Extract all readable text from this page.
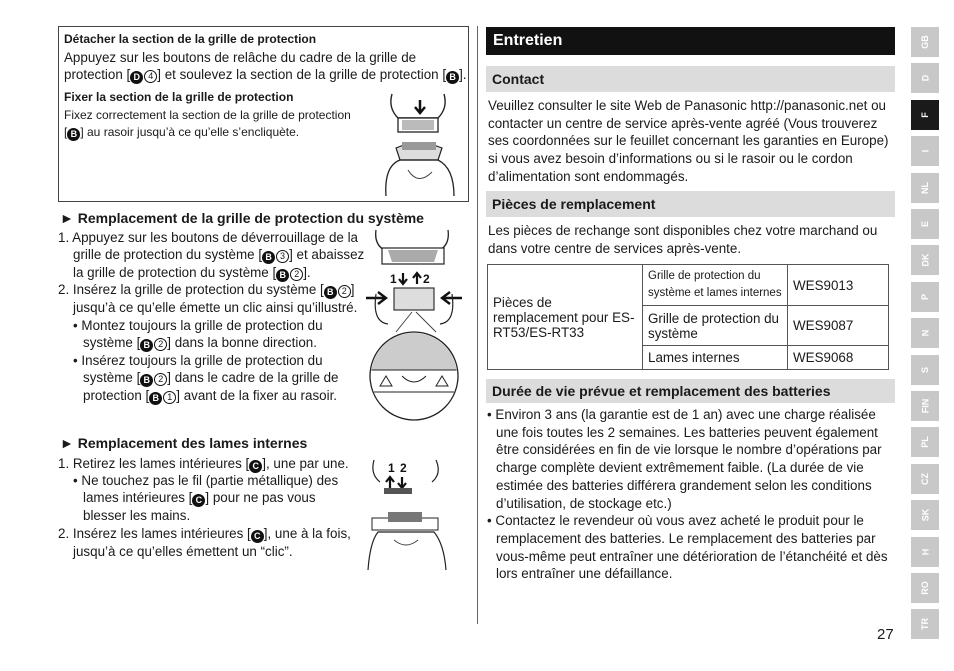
Détacher la section de la grille de protection
Appuyez sur les boutons de relâche du cadre de la grille de
protection [ D 4 ] et soulevez la section de la grille de protection [ B ].
Fixer la section de la grille de protection
Fixez correctement la section de la grille de protection
[ B ] au rasoir jusqu’à ce qu’elle s’encliquète.
► Remplacement de la grille de protection du système
1. Appuyez sur les boutons de déverrouillage de la
grille de protection du système [ B 3 ] et abaissez
la grille de protection du système [ B 2 ].
2. Insérez la grille de protection du système [ B 2 ]
jusqu’à ce qu’elle émette un clic ainsi qu’illustré.
• Montez toujours la grille de protection du
système [ B 2 ] dans la bonne direction.
• Insérez toujours la grille de protection du
système [ B 2 ] dans le cadre de la grille de
protection [ B 1 ] avant de la fixer au rasoir.
1 2
► Remplacement des lames internes
1. Retirez les lames intérieures [ C ], une par une.
• Ne touchez pas le fil (partie métallique) des
lames intérieures [ C ] pour ne pas vous
blesser les mains.
2. Insérez les lames intérieures [ C ], une à la fois,
jusqu’à ce qu’elles émettent un “clic”.
1 2
Entretien
Contact
Veuillez consulter le site Web de Panasonic http://panasonic.net ou
contacter un centre de service après-vente agréé (Vous trouverez
ses coordonnées sur le feuillet concernant les garanties en Europe)
si vous avez besoin d’informations ou si le rasoir ou le cordon
d’alimentation sont endommagés.
Pièces de remplacement
Les pièces de rechange sont disponibles chez votre marchand ou
dans votre centre de services après-vente.
Pièces de remplacement pour ES-RT53/ES-RT33	Grille de protection du système et lames internes	WES9013
	Grille de protection du système	WES9087
	Lames internes	WES9068
Durée de vie prévue et remplacement des batteries
• Environ 3 ans (la garantie est de 1 an) avec une charge réalisée
une fois toutes les 2 semaines. Les batteries peuvent également
être considérées en fin de vie lorsque le nombre d’opérations par
charge complète devient extrêmement faible. (La durée de vie
estimée des batteries différera grandement selon les conditions
d’utilisation, de stockage etc.)
• Contactez le revendeur où vous avez acheté le produit pour le
remplacement des batteries. Le remplacement des batteries par
vous-même peut entraîner une détérioration de l’étanchéité et dès
lors entraîner une défaillance.
27
GB
D
F
I
NL
E
DK
P
N
S
FIN
PL
CZ
SK
H
RO
TR
